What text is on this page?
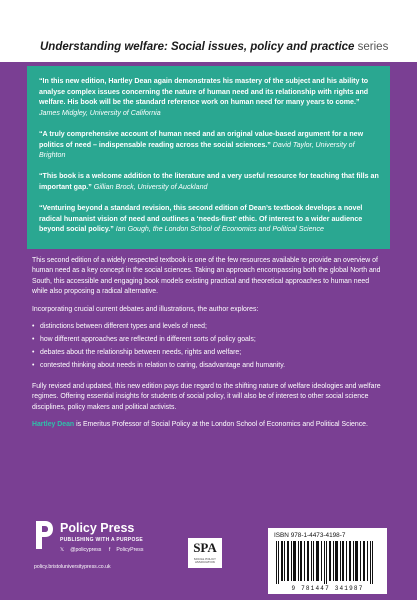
Understanding welfare: Social issues, policy and practice series

“In this new edition, Hartley Dean again demonstrates his mastery of the subject and his ability to analyse complex issues concerning the nature of human need and its relationship with rights and welfare. His book will be the standard reference work on human need for many years to come.” James Midgley, University of California

“A truly comprehensive account of human need and an original value-based argument for a new politics of need – indispensable reading across the social sciences.” David Taylor, University of Brighton

“This book is a welcome addition to the literature and a very useful resource for teaching that fills an important gap.” Gillian Brock, University of Auckland

“Venturing beyond a standard revision, this second edition of Dean’s textbook develops a novel radical humanist vision of need and outlines a ‘needs-first’ ethic. Of interest to a wider audience beyond social policy.” Ian Gough, the London School of Economics and Political Science

This second edition of a widely respected textbook is one of the few resources available to provide an overview of human need as a key concept in the social sciences. Taking an approach encompassing both the global North and South, this accessible and engaging book models existing practical and theoretical approaches to human need while also proposing a radical alternative.

Incorporating crucial current debates and illustrations, the author explores:

• distinctions between different types and levels of need;
• how different approaches are reflected in different sorts of policy goals;
• debates about the relationship between needs, rights and welfare;
• contested thinking about needs in relation to caring, disadvantage and humanity.

Fully revised and updated, this new edition pays due regard to the shifting nature of welfare ideologies and welfare regimes. Offering essential insights for students of social policy, it will also be of interest to other social science disciplines, policy makers and political activists.

Hartley Dean is Emeritus Professor of Social Policy at the London School of Economics and Political Science.

Policy Press
PUBLISHING WITH A PURPOSE
𝕏 @policypress f PolicyPress
policy.bristoluniversitypress.co.uk
SPA
SOCIAL POLICY ASSOCIATION
ISBN 978-1-4473-4198-7
9 781447 341987
